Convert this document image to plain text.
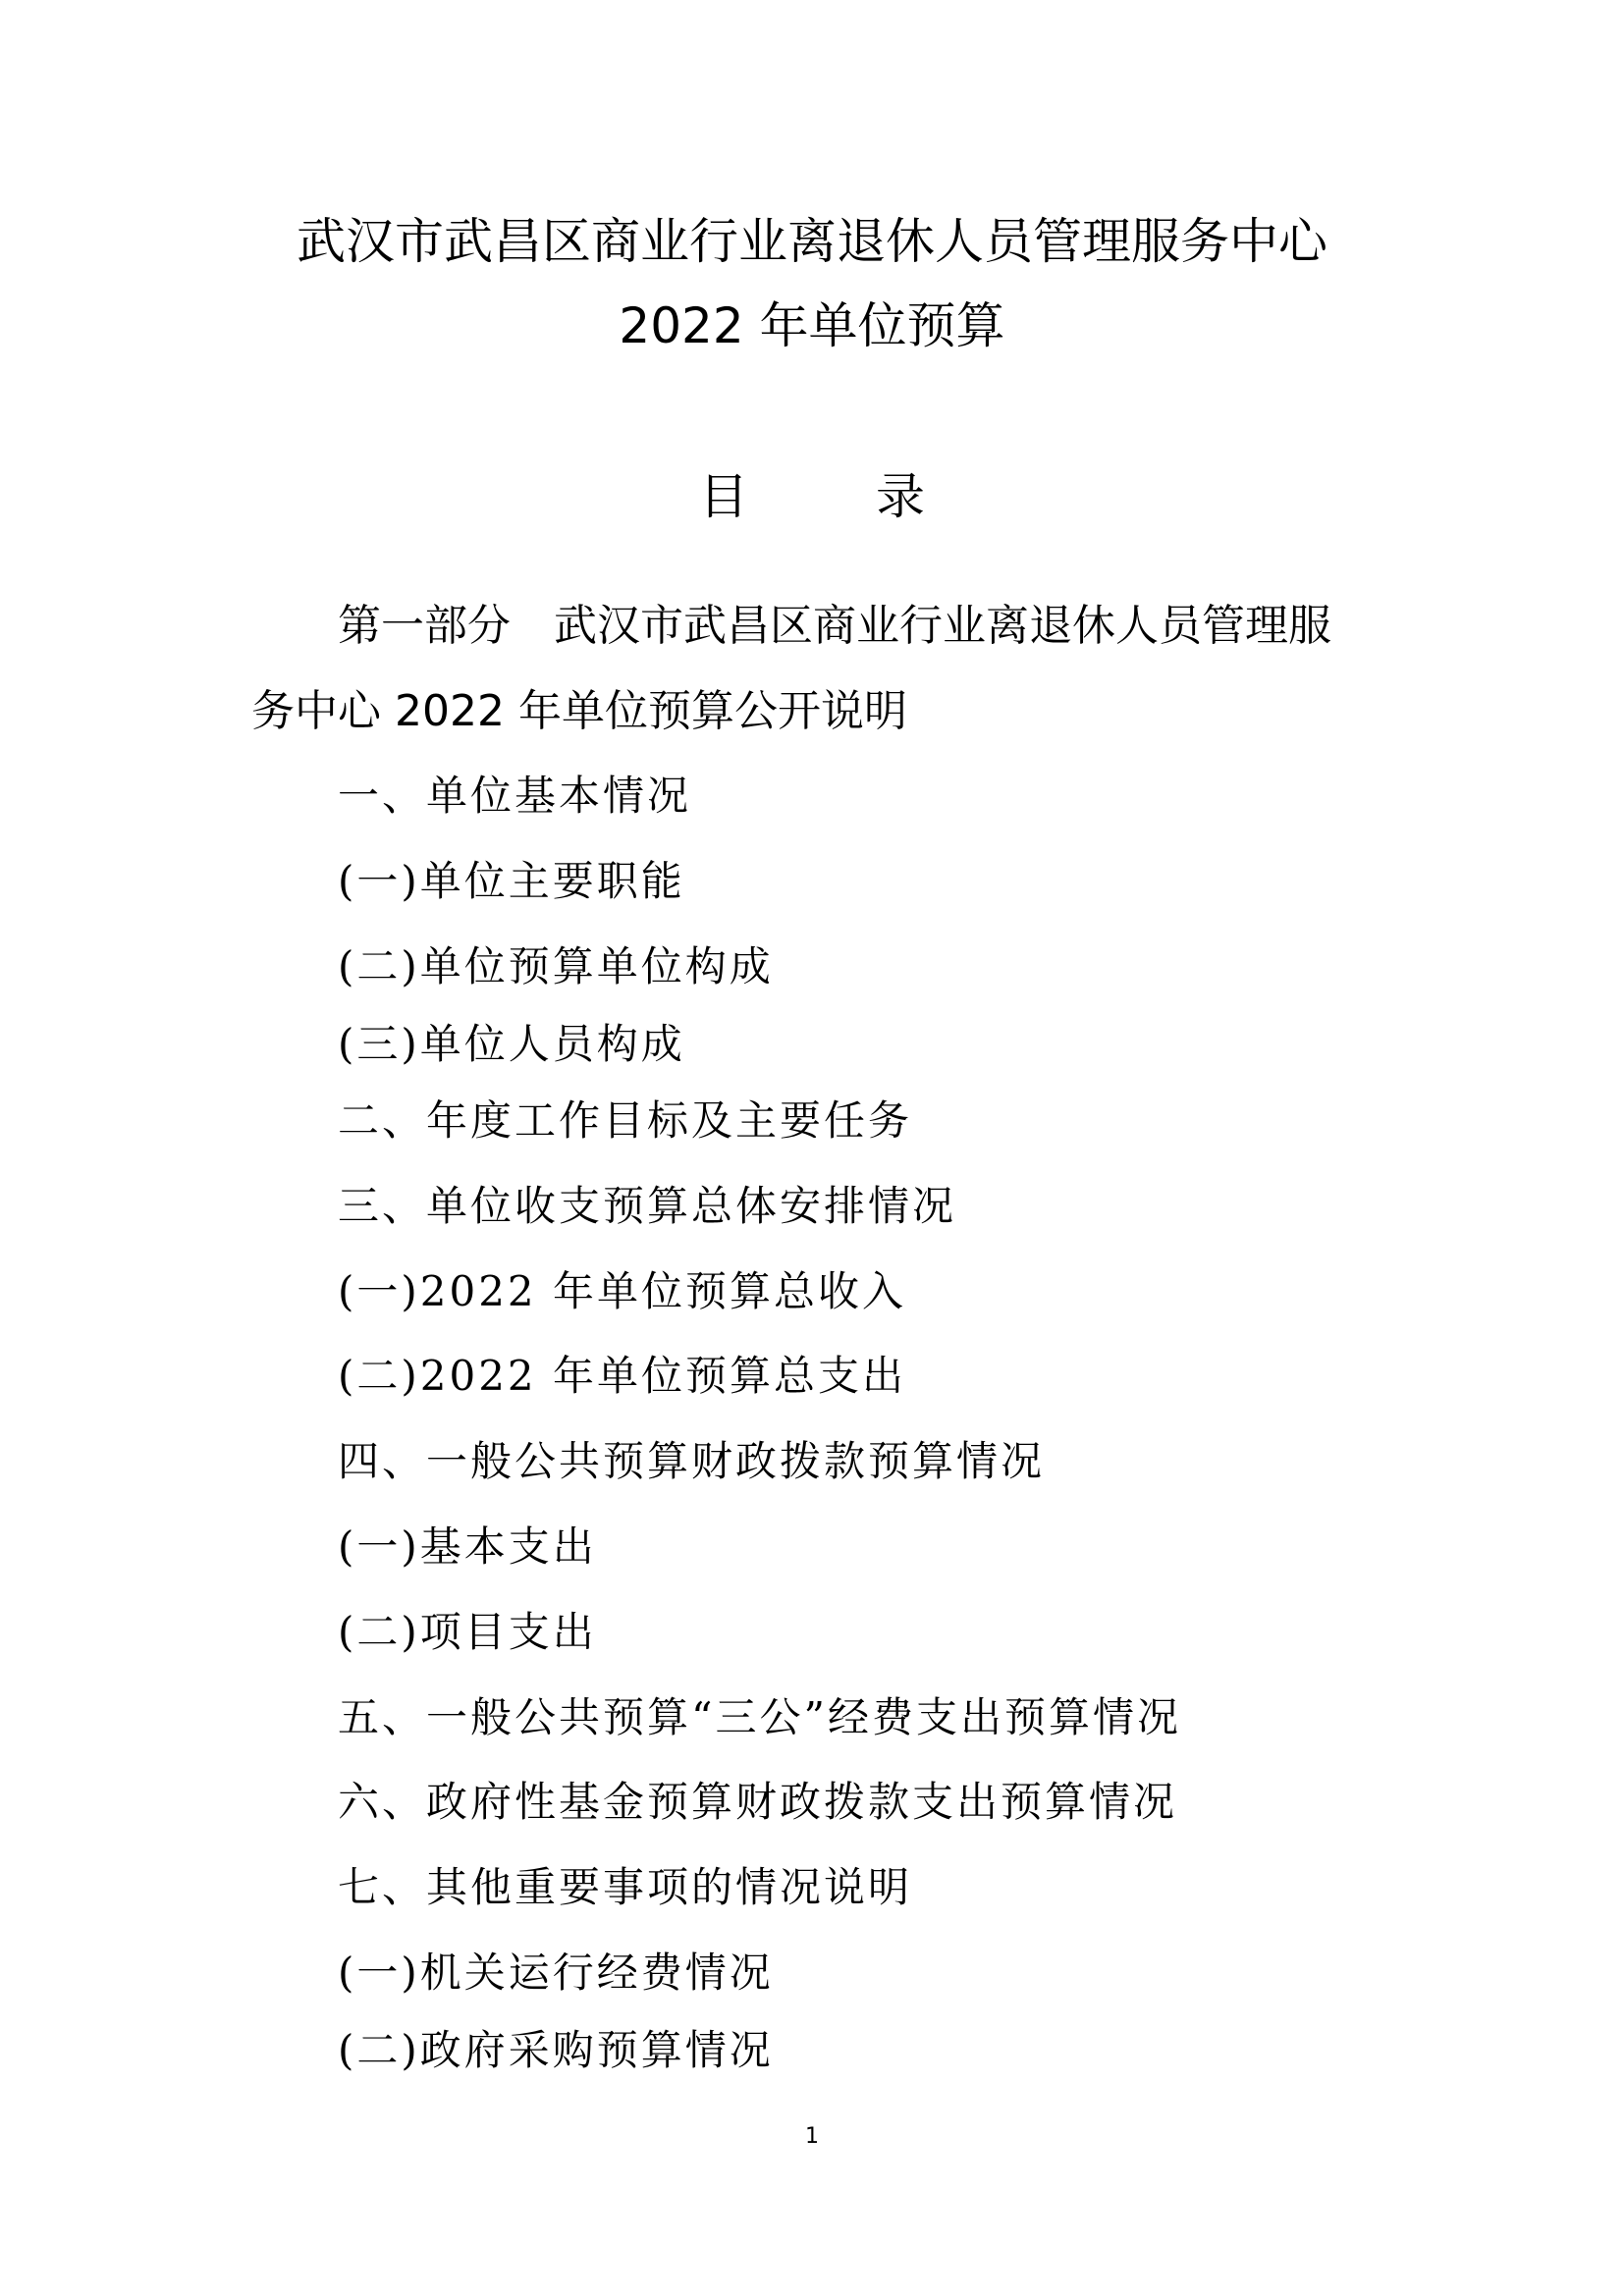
武汉市武昌区商业行业离退休人员管理服务中心
2022 年单位预算
目录
第一部分　武汉市武昌区商业行业离退休人员管理服
务中心 2022 年单位预算公开说明
一、单位基本情况
(一)单位主要职能
(二)单位预算单位构成
(三)单位人员构成
二、年度工作目标及主要任务
三、单位收支预算总体安排情况
(一)2022 年单位预算总收入
(二)2022 年单位预算总支出
四、一般公共预算财政拨款预算情况
(一)基本支出
(二)项目支出
五、一般公共预算“三公”经费支出预算情况
六、政府性基金预算财政拨款支出预算情况
七、其他重要事项的情况说明
(一)机关运行经费情况
(二)政府采购预算情况
1
